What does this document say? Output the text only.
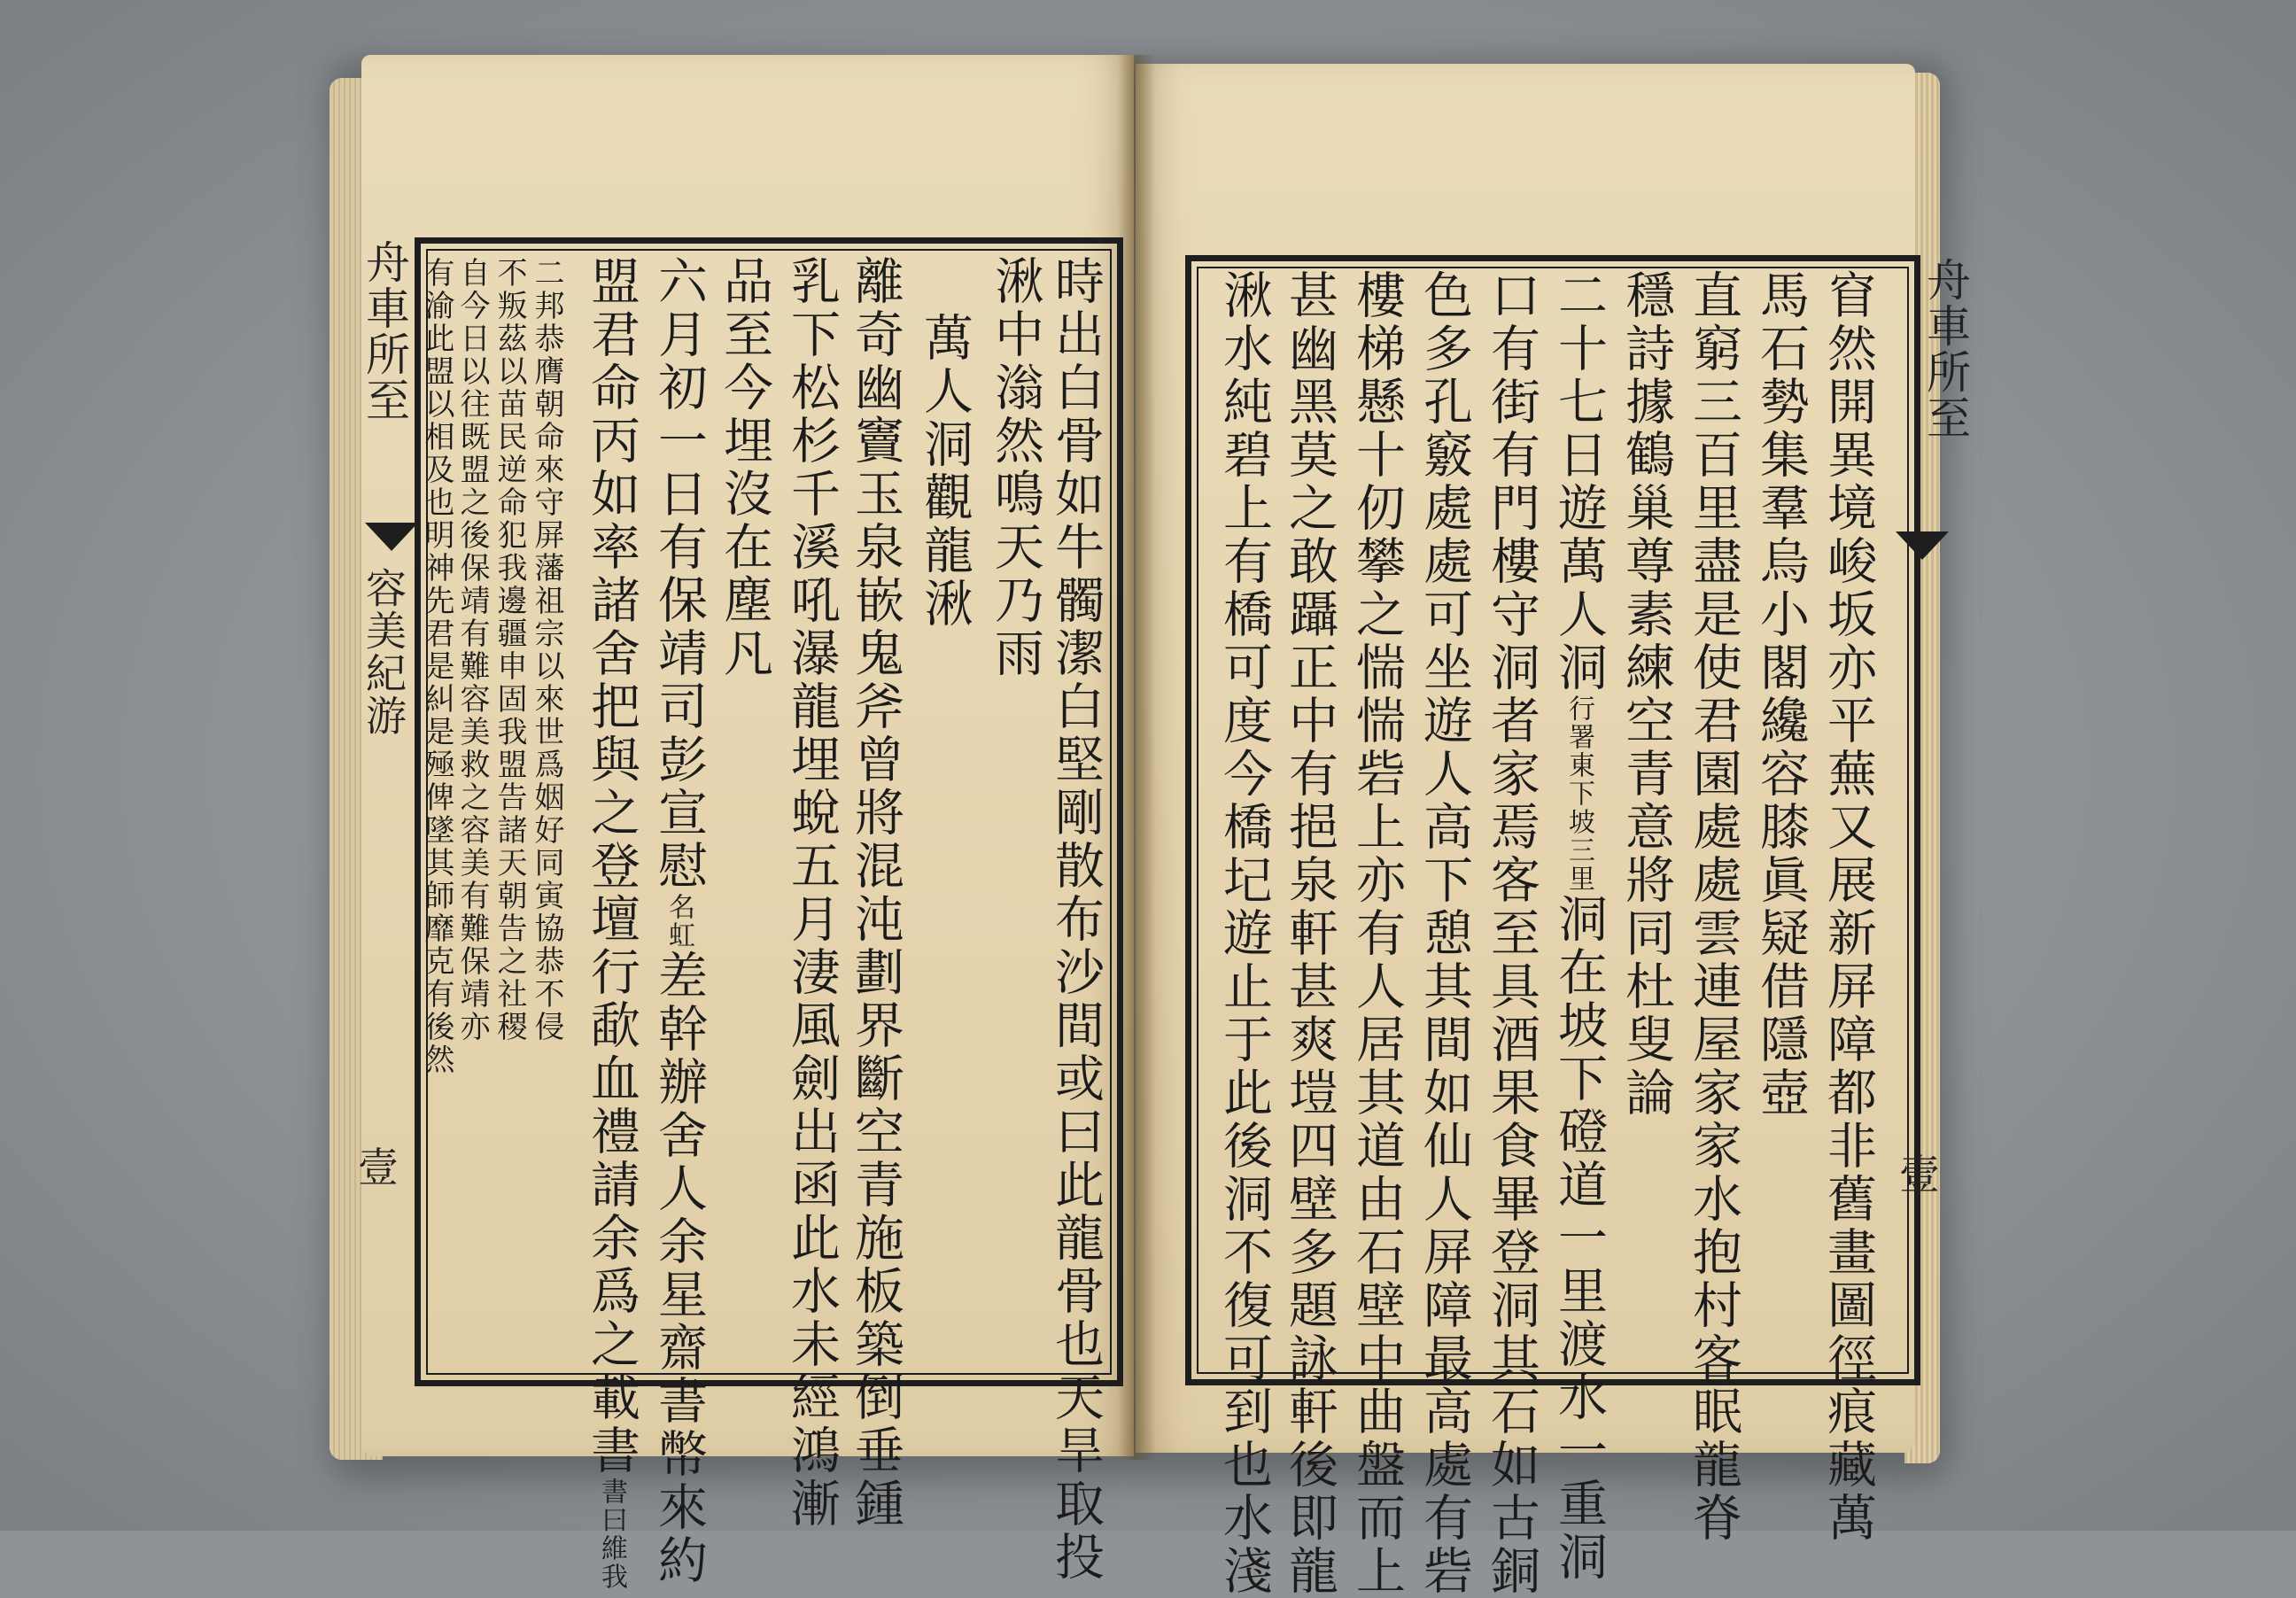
舟車所至
容美紀游
壹	時出白骨如牛髑潔白堅剛散布沙間或曰此龍骨也天旱取投
湫中滃然鳴天乃雨
萬人洞觀龍湫
離奇幽竇玉泉嵌鬼斧曾將混沌劃界斷空青施板築倒垂鍾
乳下松杉千溪吼瀑龍埋蛻五月淒風劍出函此水未經鴻漸
品至今埋沒在塵凡
六月初一日有保靖司彭宣慰名虹差幹辦舍人余星齋書幣來約
盟君命丙如率諸舍把與之登壇行歃血禮請余爲之載書書曰維我
二邦恭膺朝命來守屏藩祖宗以來世爲姻好同寅協恭不侵
不叛茲以苗民逆命犯我邊疆申固我盟告諸天朝告之社稷
自今日以往既盟之後保靖有難容美救之容美有難保靖亦
有渝此盟以相及也明神先君是糾是殛俾墜其師靡克有後然
舟車所至
壹
窅然開異境峻坂亦平蕪又展新屏障都非舊畫圖徑痕藏萬
馬石勢集羣烏小閣纔容膝眞疑借隱壺
直窮三百里盡是使君園處處雲連屋家家水抱村客眠龍脊
穩詩據鶴巢尊素練空青意將同杜叟論
二十七日遊萬人洞行署東下坡三里洞在坡下磴道一里渡水一重洞
口有街有門樓守洞者家焉客至具酒果食畢登洞其石如古銅
色多孔竅處處可坐遊人高下憩其間如仙人屏障最高處有砦
樓梯懸十仞攀之惴惴砦上亦有人居其道由石壁中曲盤而上
甚幽黑莫之敢躡正中有挹泉軒甚爽塏四壁多題詠軒後即龍
湫水純碧上有橋可度今橋圮遊止于此後洞不復可到也水淺
